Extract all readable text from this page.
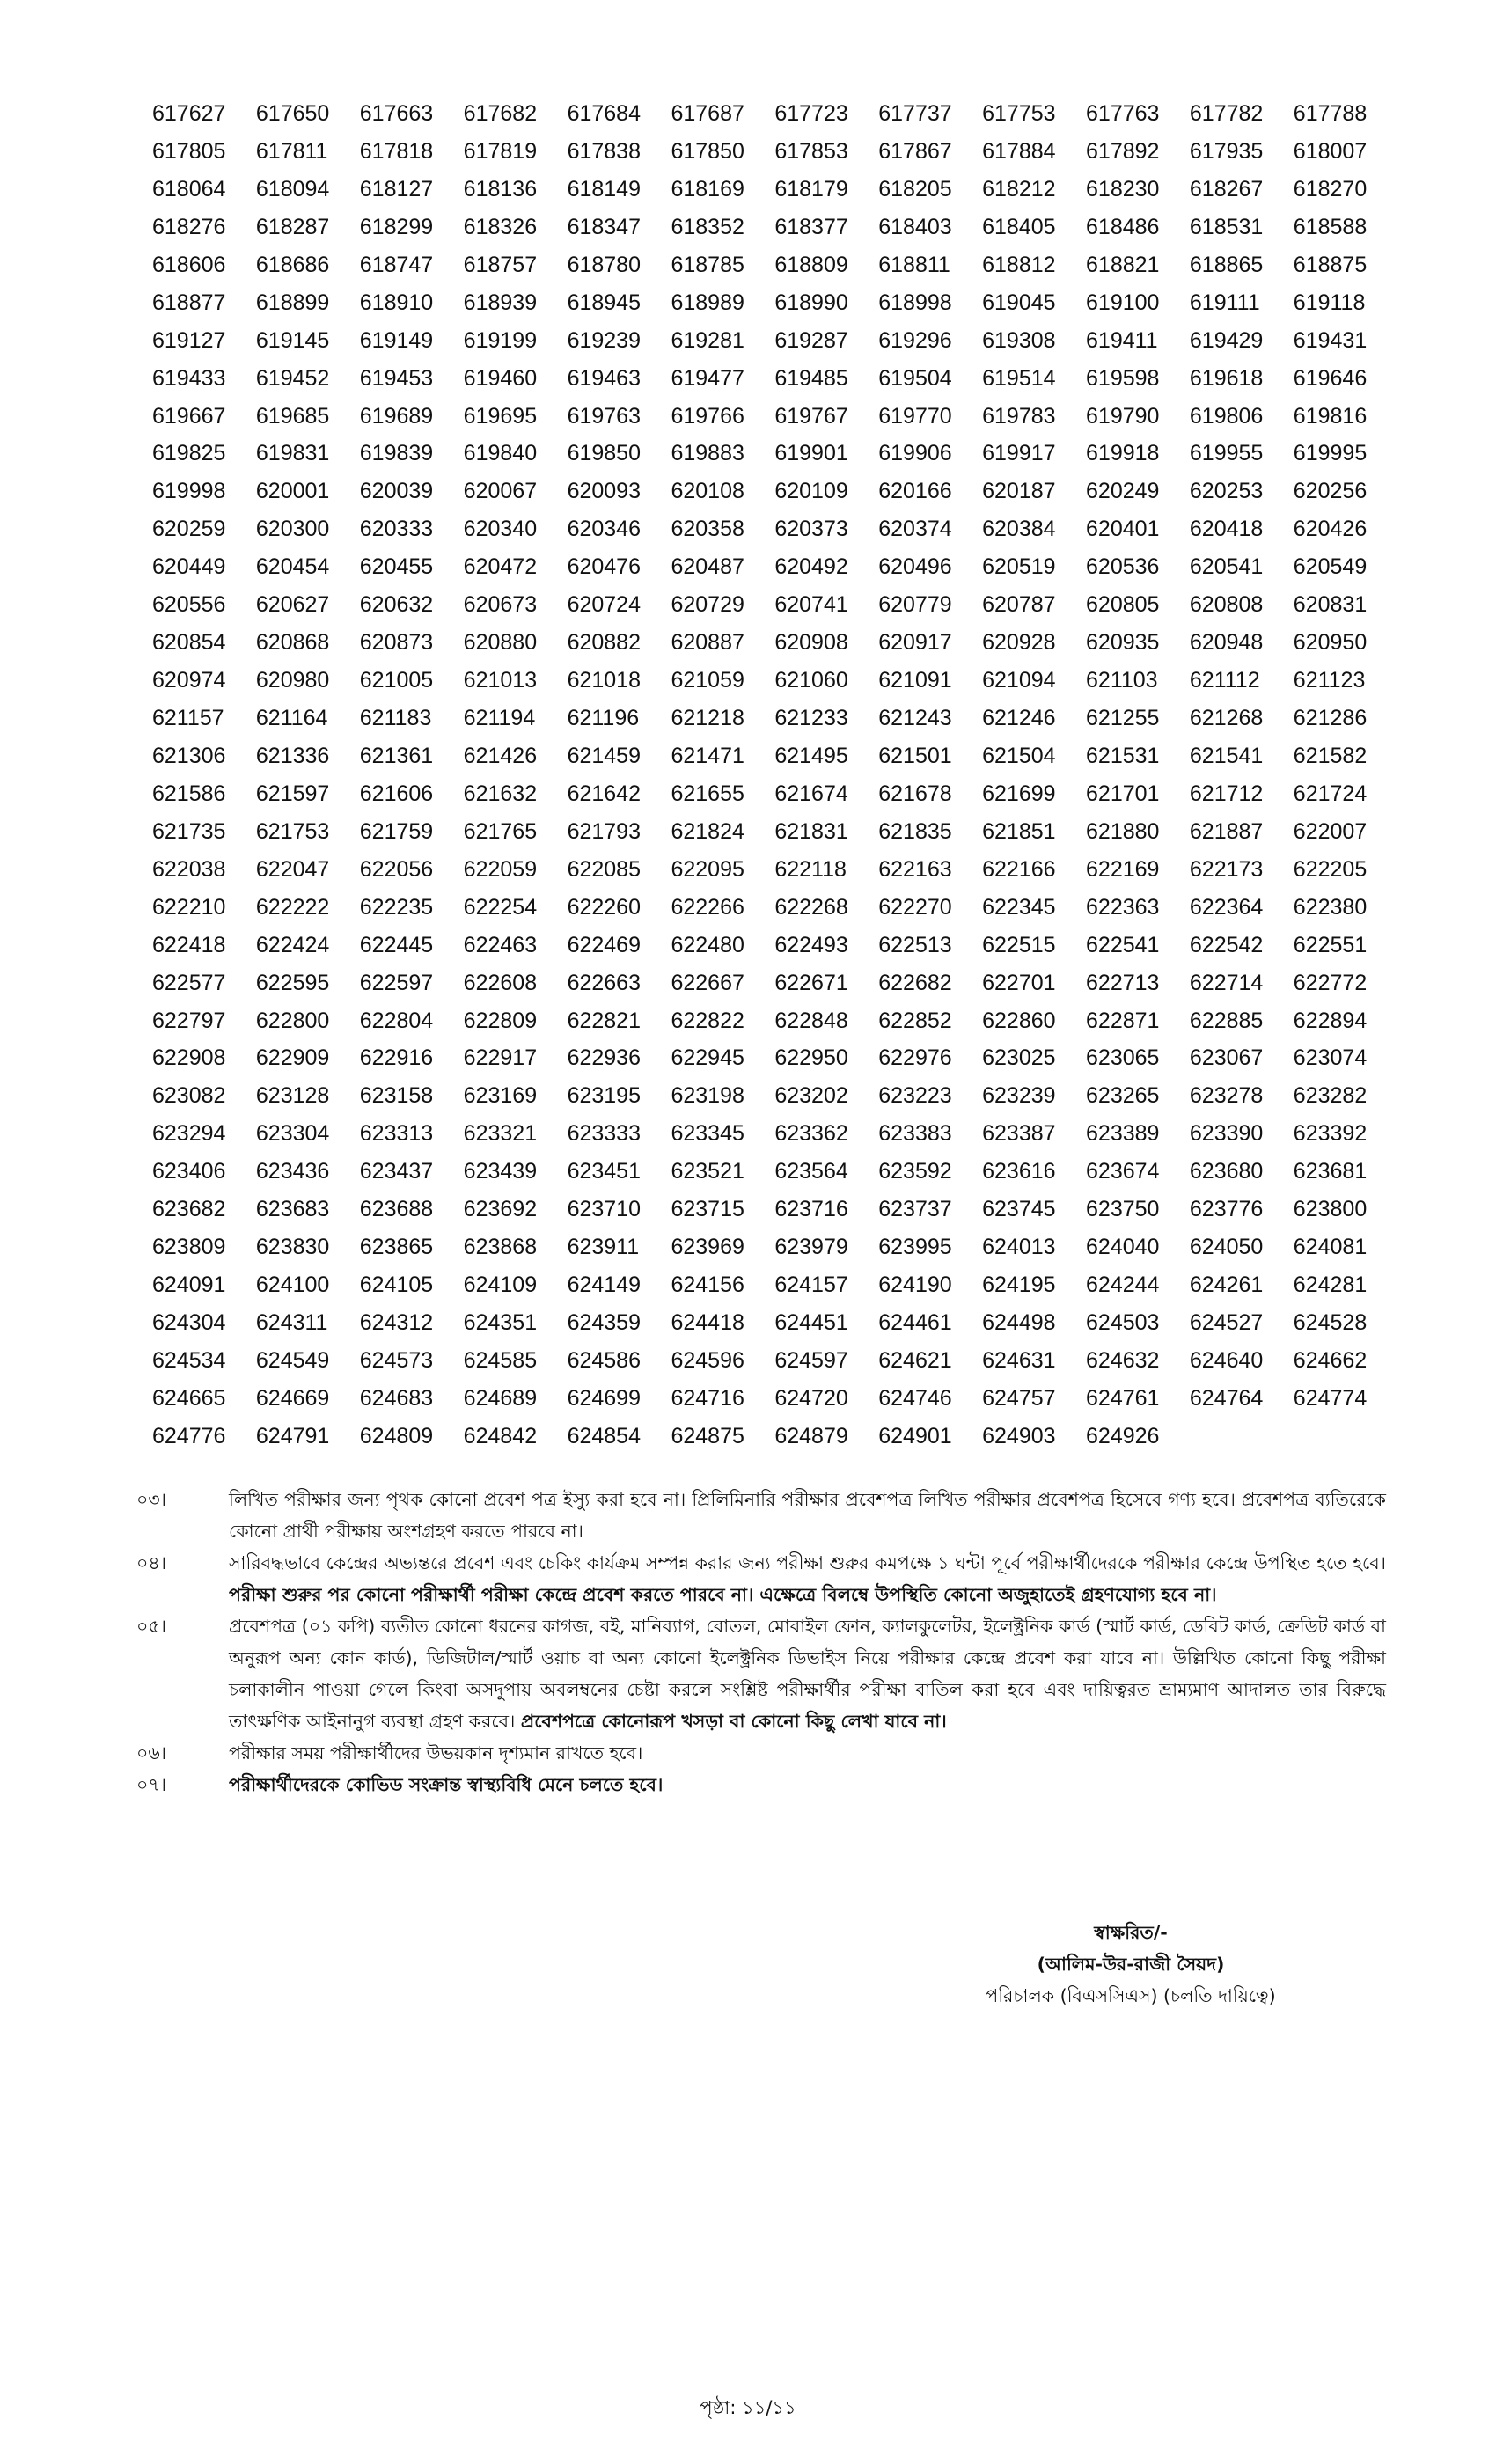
617627	617650	617663	617682	617684	617687	617723	617737	617753	617763	617782	617788
617805	617811	617818	617819	617838	617850	617853	617867	617884	617892	617935	618007
618064	618094	618127	618136	618149	618169	618179	618205	618212	618230	618267	618270
618276	618287	618299	618326	618347	618352	618377	618403	618405	618486	618531	618588
618606	618686	618747	618757	618780	618785	618809	618811	618812	618821	618865	618875
618877	618899	618910	618939	618945	618989	618990	618998	619045	619100	619111	619118
619127	619145	619149	619199	619239	619281	619287	619296	619308	619411	619429	619431
619433	619452	619453	619460	619463	619477	619485	619504	619514	619598	619618	619646
619667	619685	619689	619695	619763	619766	619767	619770	619783	619790	619806	619816
619825	619831	619839	619840	619850	619883	619901	619906	619917	619918	619955	619995
619998	620001	620039	620067	620093	620108	620109	620166	620187	620249	620253	620256
620259	620300	620333	620340	620346	620358	620373	620374	620384	620401	620418	620426
620449	620454	620455	620472	620476	620487	620492	620496	620519	620536	620541	620549
620556	620627	620632	620673	620724	620729	620741	620779	620787	620805	620808	620831
620854	620868	620873	620880	620882	620887	620908	620917	620928	620935	620948	620950
620974	620980	621005	621013	621018	621059	621060	621091	621094	621103	621112	621123
621157	621164	621183	621194	621196	621218	621233	621243	621246	621255	621268	621286
621306	621336	621361	621426	621459	621471	621495	621501	621504	621531	621541	621582
621586	621597	621606	621632	621642	621655	621674	621678	621699	621701	621712	621724
621735	621753	621759	621765	621793	621824	621831	621835	621851	621880	621887	622007
622038	622047	622056	622059	622085	622095	622118	622163	622166	622169	622173	622205
622210	622222	622235	622254	622260	622266	622268	622270	622345	622363	622364	622380
622418	622424	622445	622463	622469	622480	622493	622513	622515	622541	622542	622551
622577	622595	622597	622608	622663	622667	622671	622682	622701	622713	622714	622772
622797	622800	622804	622809	622821	622822	622848	622852	622860	622871	622885	622894
622908	622909	622916	622917	622936	622945	622950	622976	623025	623065	623067	623074
623082	623128	623158	623169	623195	623198	623202	623223	623239	623265	623278	623282
623294	623304	623313	623321	623333	623345	623362	623383	623387	623389	623390	623392
623406	623436	623437	623439	623451	623521	623564	623592	623616	623674	623680	623681
623682	623683	623688	623692	623710	623715	623716	623737	623745	623750	623776	623800
623809	623830	623865	623868	623911	623969	623979	623995	624013	624040	624050	624081
624091	624100	624105	624109	624149	624156	624157	624190	624195	624244	624261	624281
624304	624311	624312	624351	624359	624418	624451	624461	624498	624503	624527	624528
624534	624549	624573	624585	624586	624596	624597	624621	624631	624632	624640	624662
624665	624669	624683	624689	624699	624716	624720	624746	624757	624761	624764	624774
624776	624791	624809	624842	624854	624875	624879	624901	624903	624926
০৩।	লিখিত পরীক্ষার জন্য পৃথক কোনো প্রবেশ পত্র ইস্যু করা হবে না। প্রিলিমিনারি পরীক্ষার প্রবেশপত্র লিখিত পরীক্ষার প্রবেশপত্র হিসেবে গণ্য হবে। প্রবেশপত্র ব্যতিরেকে কোনো প্রার্থী পরীক্ষায় অংশগ্রহণ করতে পারবে না।
০৪।	সারিবদ্ধভাবে কেন্দ্রের অভ্যন্তরে প্রবেশ এবং চেকিং কার্যক্রম সম্পন্ন করার জন্য পরীক্ষা শুরুর কমপক্ষে ১ ঘন্টা পূর্বে পরীক্ষার্থীদেরকে পরীক্ষার কেন্দ্রে উপস্থিত হতে হবে। পরীক্ষা শুরুর পর কোনো পরীক্ষার্থী পরীক্ষা কেন্দ্রে প্রবেশ করতে পারবে না। এক্ষেত্রে বিলম্বে উপস্থিতি কোনো অজুহাতেই গ্রহণযোগ্য হবে না।
০৫।	প্রবেশপত্র (০১ কপি) ব্যতীত কোনো ধরনের কাগজ, বই, মানিব্যাগ, বোতল, মোবাইল ফোন, ক্যালকুলেটর, ইলেক্ট্রনিক কার্ড (স্মার্ট কার্ড, ডেবিট কার্ড, ক্রেডিট কার্ড বা অনুরূপ অন্য কোন কার্ড), ডিজিটাল/স্মার্ট ওয়াচ বা অন্য কোনো ইলেক্ট্রনিক ডিভাইস নিয়ে পরীক্ষার কেন্দ্রে প্রবেশ করা যাবে না। উল্লিখিত কোনো কিছু পরীক্ষা চলাকালীন পাওয়া গেলে কিংবা অসদুপায় অবলম্বনের চেষ্টা করলে সংশ্লিষ্ট পরীক্ষার্থীর পরীক্ষা বাতিল করা হবে এবং দায়িত্বরত ভ্রাম্যমাণ আদালত তার বিরুদ্ধে তাৎক্ষণিক আইনানুগ ব্যবস্থা গ্রহণ করবে। প্রবেশপত্রে কোনোরূপ খসড়া বা কোনো কিছু লেখা যাবে না।
০৬।	পরীক্ষার সময় পরীক্ষার্থীদের উভয়কান দৃশ্যমান রাখতে হবে।
০৭।	পরীক্ষার্থীদেরকে কোভিড সংক্রান্ত স্বাস্থ্যবিধি মেনে চলতে হবে।
স্বাক্ষরিত/-
(আলিম-উর-রাজী সৈয়দ)
পরিচালক (বিএসসিএস) (চলতি দায়িত্বে)
পৃষ্ঠা: ১১/১১
